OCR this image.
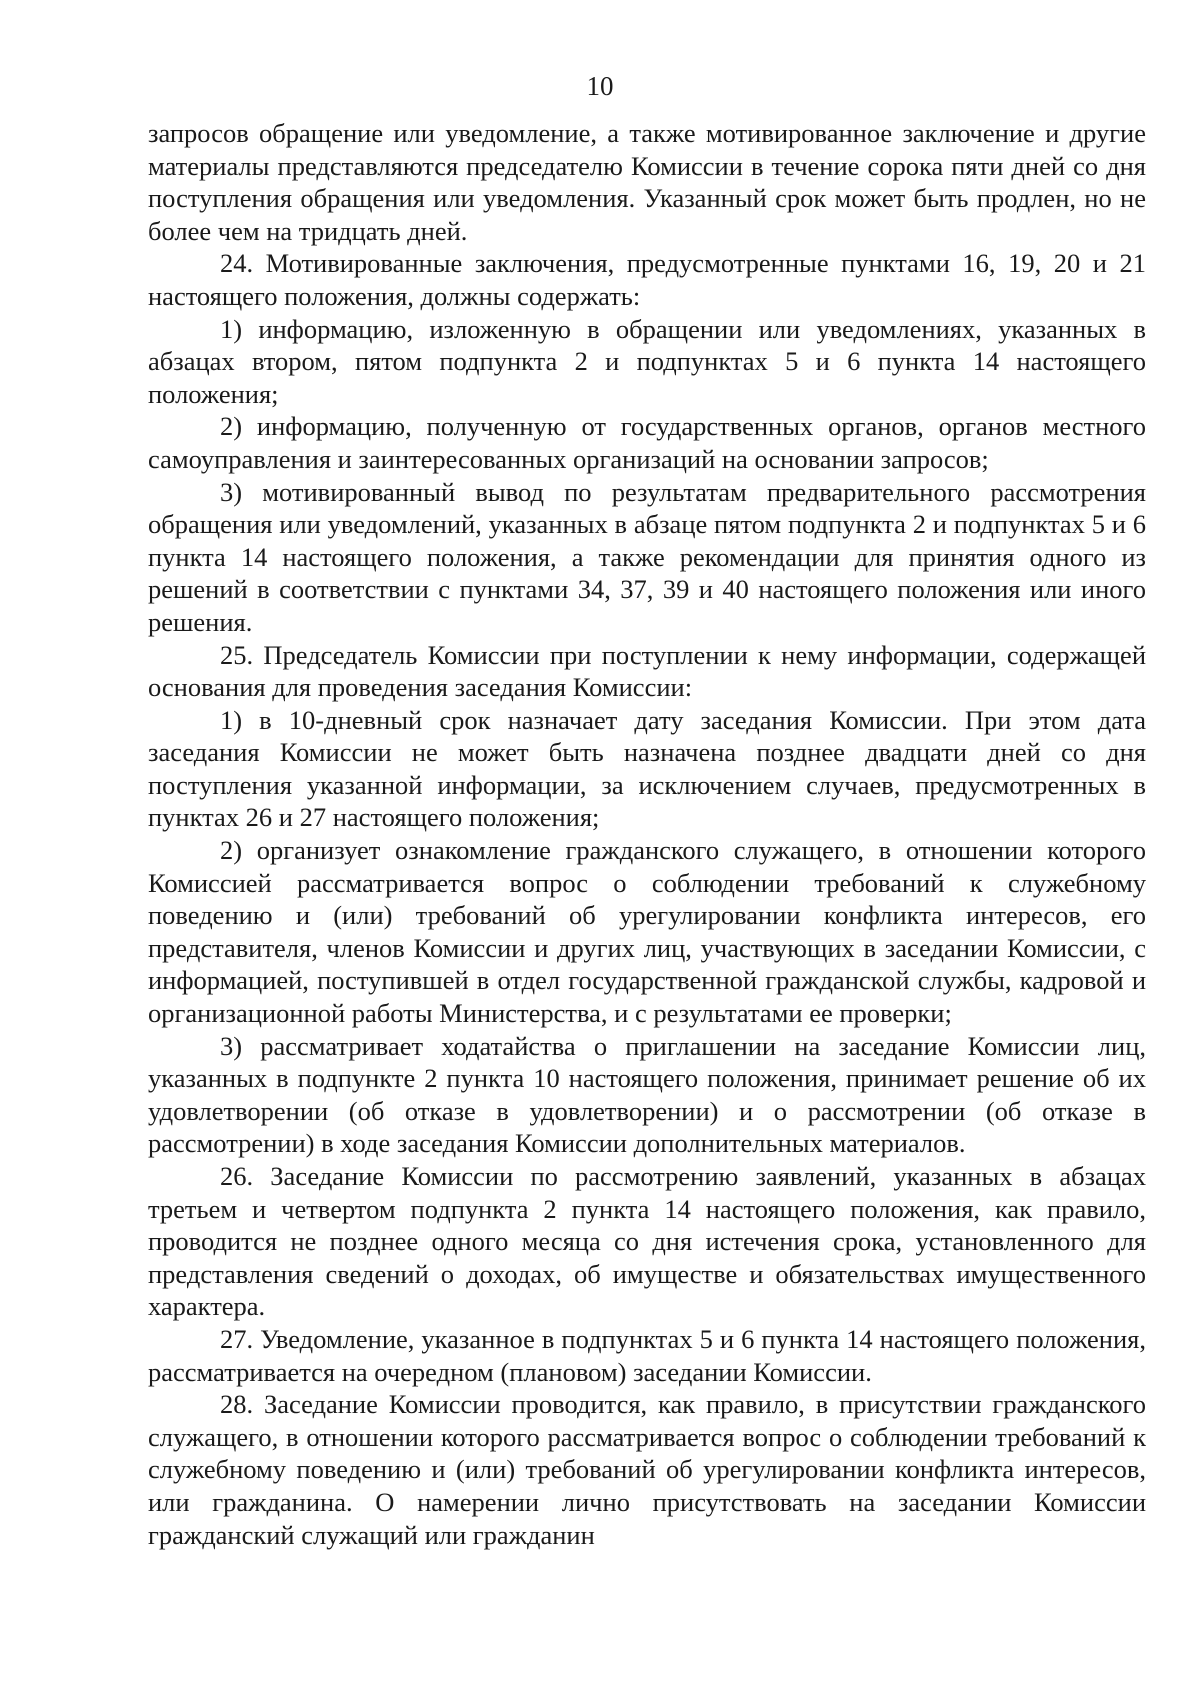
10

запросов обращение или уведомление, а также мотивированное заключение и другие материалы представляются председателю Комиссии в течение сорока пяти дней со дня поступления обращения или уведомления. Указанный срок может быть продлен, но не более чем на тридцать дней.

24. Мотивированные заключения, предусмотренные пунктами 16, 19, 20 и 21 настоящего положения, должны содержать:

1) информацию, изложенную в обращении или уведомлениях, указанных в абзацах втором, пятом подпункта 2 и подпунктах 5 и 6 пункта 14 настоящего положения;

2) информацию, полученную от государственных органов, органов местного самоуправления и заинтересованных организаций на основании запросов;

3) мотивированный вывод по результатам предварительного рассмотрения обращения или уведомлений, указанных в абзаце пятом подпункта 2 и подпунктах 5 и 6 пункта 14 настоящего положения, а также рекомендации для принятия одного из решений в соответствии с пунктами 34, 37, 39 и 40 настоящего положения или иного решения.

25. Председатель Комиссии при поступлении к нему информации, содержащей основания для проведения заседания Комиссии:

1) в 10-дневный срок назначает дату заседания Комиссии. При этом дата заседания Комиссии не может быть назначена позднее двадцати дней со дня поступления указанной информации, за исключением случаев, предусмотренных в пунктах 26 и 27 настоящего положения;

2) организует ознакомление гражданского служащего, в отношении которого Комиссией рассматривается вопрос о соблюдении требований к служебному поведению и (или) требований об урегулировании конфликта интересов, его представителя, членов Комиссии и других лиц, участвующих в заседании Комиссии, с информацией, поступившей в отдел государственной гражданской службы, кадровой и организационной работы Министерства, и с результатами ее проверки;

3) рассматривает ходатайства о приглашении на заседание Комиссии лиц, указанных в подпункте 2 пункта 10 настоящего положения, принимает решение об их удовлетворении (об отказе в удовлетворении) и о рассмотрении (об отказе в рассмотрении) в ходе заседания Комиссии дополнительных материалов.

26. Заседание Комиссии по рассмотрению заявлений, указанных в абзацах третьем и четвертом подпункта 2 пункта 14 настоящего положения, как правило, проводится не позднее одного месяца со дня истечения срока, установленного для представления сведений о доходах, об имуществе и обязательствах имущественного характера.

27. Уведомление, указанное в подпунктах 5 и 6 пункта 14 настоящего положения, рассматривается на очередном (плановом) заседании Комиссии.

28. Заседание Комиссии проводится, как правило, в присутствии гражданского служащего, в отношении которого рассматривается вопрос о соблюдении требований к служебному поведению и (или) требований об урегулировании конфликта интересов, или гражданина. О намерении лично присутствовать на заседании Комиссии гражданский служащий или гражданин
